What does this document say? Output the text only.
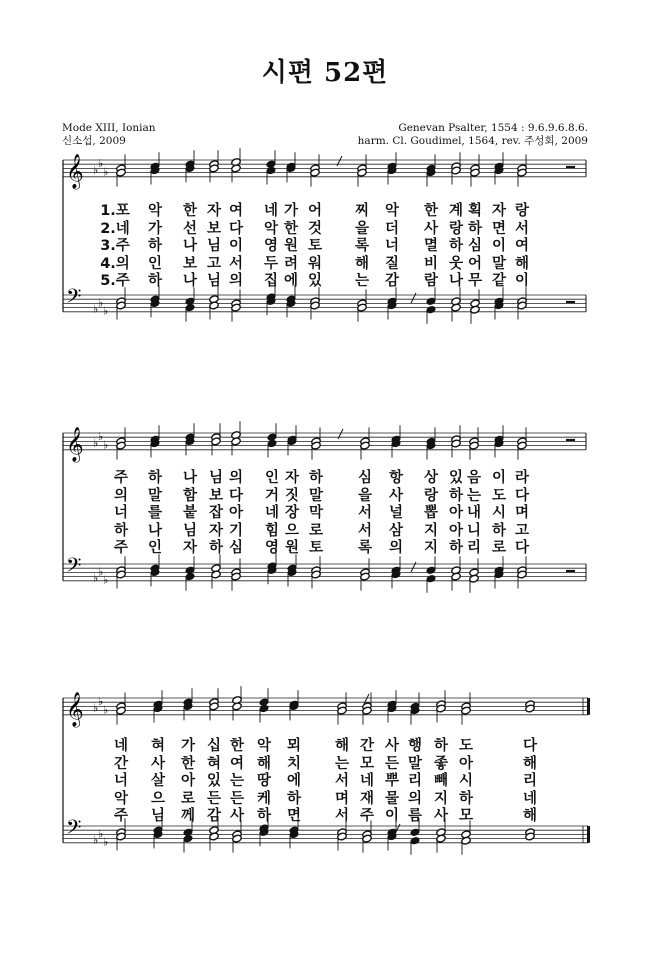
시편 52편
Mode XIII, Ionian
신소섭, 2009
Genevan Psalter, 1554 : 9.6.9.6.8.6.
harm. Cl. Goudimel, 1564, rev. 주성회, 2009
𝄞
𝄢
♭
♭
♭
♭
♭
♭
𝄞
𝄢
♭
♭
♭
♭
♭
♭
𝄞
𝄢
♭
♭
♭
♭
♭
♭
1.포 악 한 자 여 네 가 어 찌 악 한 계 획 자 랑
2.네 가 선 보 다 악 한 것 을 더 사 랑 하 면 서
3.주 하 나 님 이 영 원 토 록 너 멸 하 심 이 여
4.의 인 보 고 서 두 려 워 해 질 비 웃 어 말 해
5.주 하 나 님 의 집 에 있 는 감 람 나 무 같 이
주 하 나 님 의 인 자 하 심 항 상 있 음 이 라
의 말 함 보 다 거 짓 말 을 사 랑 하 는 도 다
너 를 붙 잡 아 네 장 막 서 널 뽑 아 내 시 며
하 나 님 자 기 힘 으 로 서 삼 지 아 니 하 고
주 인 자 하 심 영 원 토 록 의 지 하 리 로 다
네 혀 가 십 한 악 뫼 해 간 사 행 하 도	다
간 사 한 혀 여 해 치 는 모 든 말 좋 아	해
너 살 아 있 는 땅 에 서 네 뿌 리 빼 시	리
악 으 로 든 든 케 하 며 재 물 의 지 하	네
주 님 께 감 사 하 면 서 주 이 름 사 모	해
